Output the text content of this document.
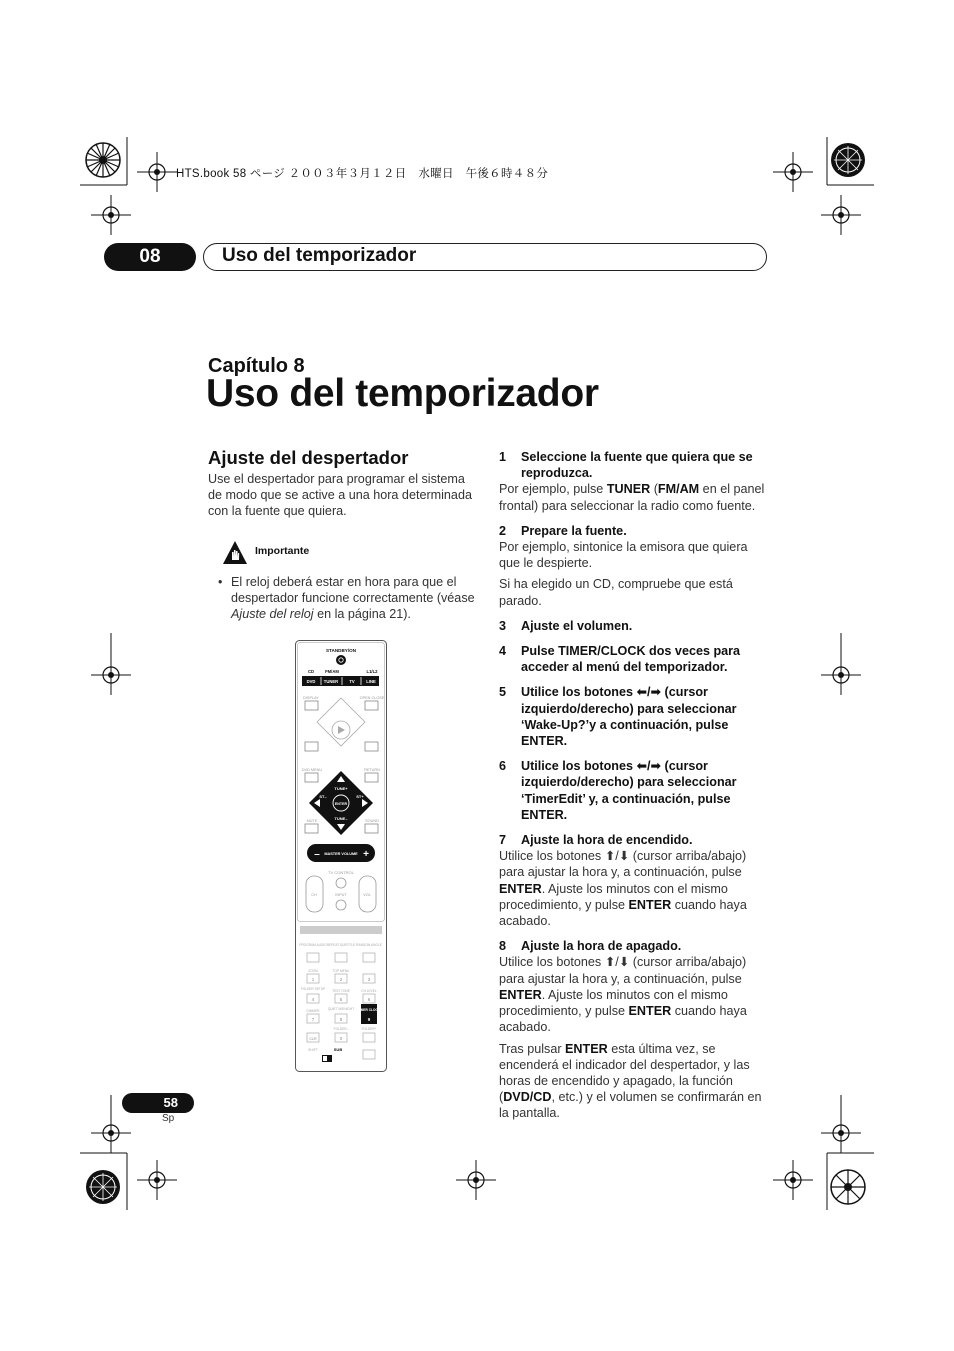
HTS.book 58 ページ ２００３年３月１２日　水曜日　午後６時４８分
08	Uso del temporizador
Capítulo 8
Uso del temporizador
Ajuste del despertador
Use el despertador para programar el sistema de modo que se active a una hora determinada con la fuente que quiera.
Importante
• El reloj deberá estar en hora para que el despertador funcione correctamente (véase Ajuste del reloj en la página 21).
STANDBY/ON
CD	FM/AM	L1/L2
DVD TUNER	TV	LINE
DISPLAY	OPEN CLOSE
DVD MENU	RETURN
ENTER
TUNE+
TUNE–
ST–	ST+
MUTE	SOUND
MASTER VOLUME
–	+
TV CONTROL
CH	INPUT	VOL
PROGRAM AUDIO REPEAT SUBTITLE RANDOM ANGLE
ZOOM	TOP MENU
1	2	3
FOLDER SETUP TEST TONE	CH LEVEL
4	5	6
DIMMER	QUIET MIDNIGHT TIMER CLOCK
7	8	9
FOLDER–	FOLDER+
CLR	0
SHIFT	SUB
1	Seleccione la fuente que quiera que se reproduzca.

Por ejemplo, pulse TUNER (FM/AM en el panel frontal) para seleccionar la radio como fuente.

2	Prepare la fuente.

Por ejemplo, sintonice la emisora que quiera que le despierte.

Si ha elegido un CD, compruebe que está parado.

3	Ajuste el volumen.
4	Pulse TIMER/CLOCK dos veces para acceder al menú del temporizador.
5	Utilice los botones ⬅/➡ (cursor izquierdo/derecho) para seleccionar ‘Wake-Up?’y a continuación, pulse ENTER.
6	Utilice los botones ⬅/➡ (cursor izquierdo/derecho) para seleccionar ‘TimerEdit’ y, a continuación, pulse ENTER.
7	Ajuste la hora de encendido.

Utilice los botones ⬆/⬇ (cursor arriba/abajo) para ajustar la hora y, a continuación, pulse ENTER. Ajuste los minutos con el mismo procedimiento, y pulse ENTER cuando haya acabado.

8	Ajuste la hora de apagado.

Utilice los botones ⬆/⬇ (cursor arriba/abajo) para ajustar la hora y, a continuación, pulse ENTER. Ajuste los minutos con el mismo procedimiento, y pulse ENTER cuando haya acabado.

Tras pulsar ENTER esta última vez, se encenderá el indicador del despertador, y las horas de encendido y apagado, la función (DVD/CD, etc.) y el volumen se confirmarán en la pantalla.

58
Sp
